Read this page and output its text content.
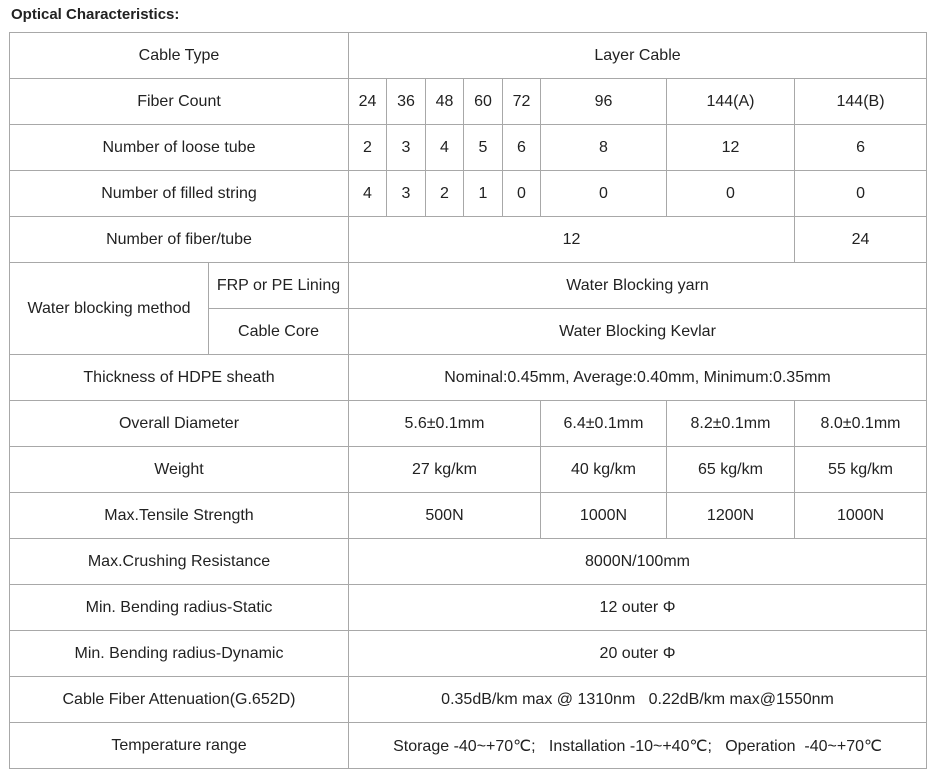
Optical Characteristics:
Cable Type		Layer Cable							
Fiber Count		24	36	48	60	72	96	144(A)	144(B)
Number of loose tube		2	3	4	5	6	8	12	6
Number of filled string		4	3	2	1	0	0	0	0
Number of fiber/tube		12							24
Water blocking method	FRP or PE Lining	Water Blocking yarn							
	Cable Core	Water Blocking Kevlar							
Thickness of HDPE sheath		Nominal:0.45mm, Average:0.40mm, Minimum:0.35mm							
Overall Diameter		5.6±0.1mm					6.4±0.1mm	8.2±0.1mm	8.0±0.1mm
Weight		27 kg/km					40 kg/km	65 kg/km	55 kg/km
Max.Tensile Strength		500N					1000N	1200N	1000N
Max.Crushing Resistance		8000N/100mm							
Min. Bending radius-Static		12 outer Φ							
Min. Bending radius-Dynamic		20 outer Φ							
Cable Fiber Attenuation(G.652D)		0.35dB/km max @ 1310nm   0.22dB/km max@1550nm							
Temperature range		Storage -40~+70℃;   Installation -10~+40℃;   Operation  -40~+70℃							
